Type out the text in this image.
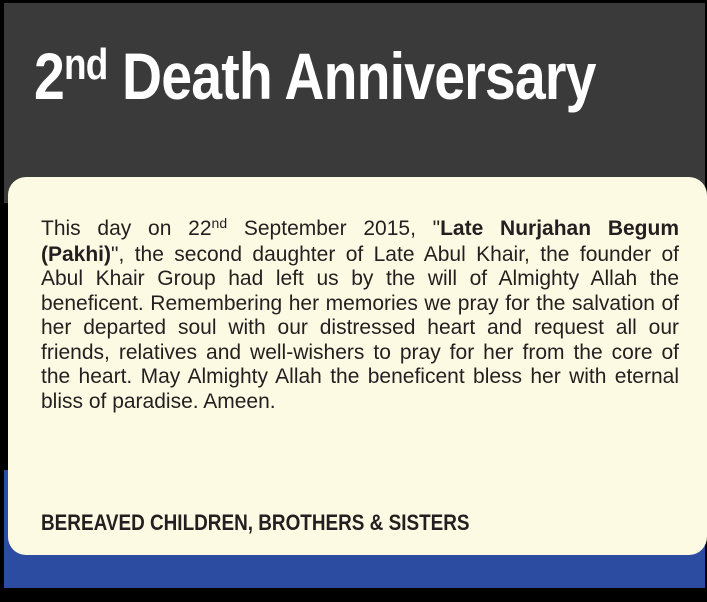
2nd Death Anniversary

This day on 22nd September 2015, "Late Nurjahan Begum (Pakhi)", the second daughter of Late Abul Khair, the founder of Abul Khair Group had left us by the will of Almighty Allah the beneficent. Remembering her memories we pray for the salvation of her departed soul with our distressed heart and request all our friends, relatives and well-wishers to pray for her from the core of the heart. May Almighty Allah the beneficent bless her with eternal bliss of paradise. Ameen.

BEREAVED CHILDREN, BROTHERS & SISTERS
